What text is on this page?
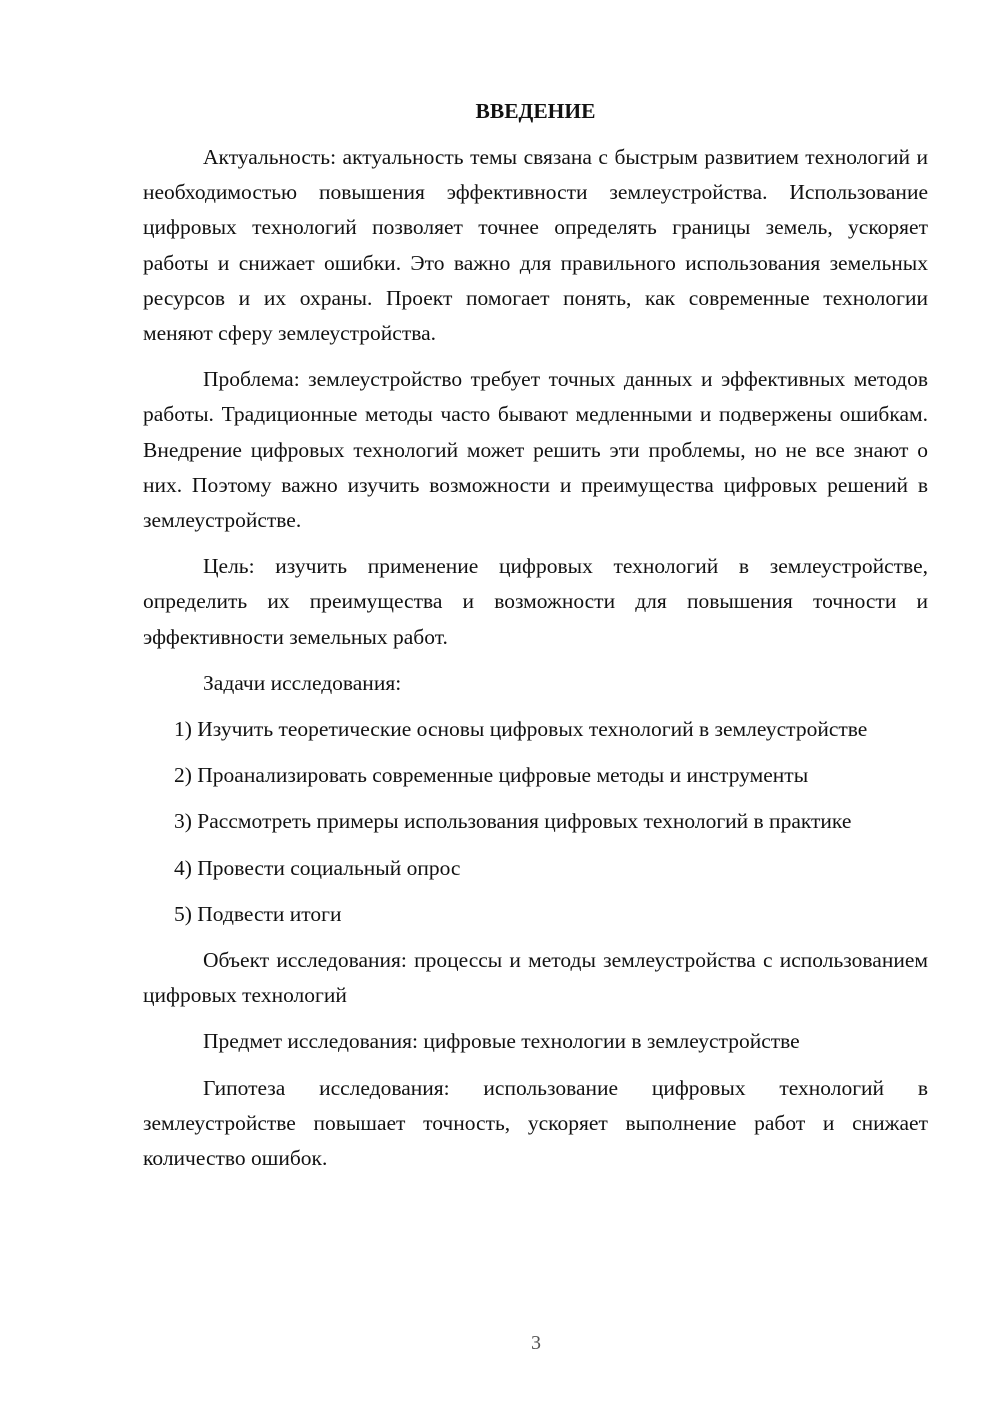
ВВЕДЕНИЕ

Актуальность: актуальность темы связана с быстрым развитием технологий и необходимостью повышения эффективности землеустройства. Использование цифровых технологий позволяет точнее определять границы земель, ускоряет работы и снижает ошибки. Это важно для правильного использования земельных ресурсов и их охраны. Проект помогает понять, как современные технологии меняют сферу землеустройства.

Проблема: землеустройство требует точных данных и эффективных методов работы. Традиционные методы часто бывают медленными и подвержены ошибкам. Внедрение цифровых технологий может решить эти проблемы, но не все знают о них. Поэтому важно изучить возможности и преимущества цифровых решений в землеустройстве.

Цель: изучить применение цифровых технологий в землеустройстве, определить их преимущества и возможности для повышения точности и эффективности земельных работ.

Задачи исследования:

1) Изучить теоретические основы цифровых технологий в землеустройстве

2) Проанализировать современные цифровые методы и инструменты

3) Рассмотреть примеры использования цифровых технологий в практике

4) Провести социальный опрос

5) Подвести итоги

Объект исследования: процессы и методы землеустройства с использованием цифровых технологий

Предмет исследования: цифровые технологии в землеустройстве

Гипотеза исследования: использование цифровых технологий в землеустройстве повышает точность, ускоряет выполнение работ и снижает количество ошибок.

3
